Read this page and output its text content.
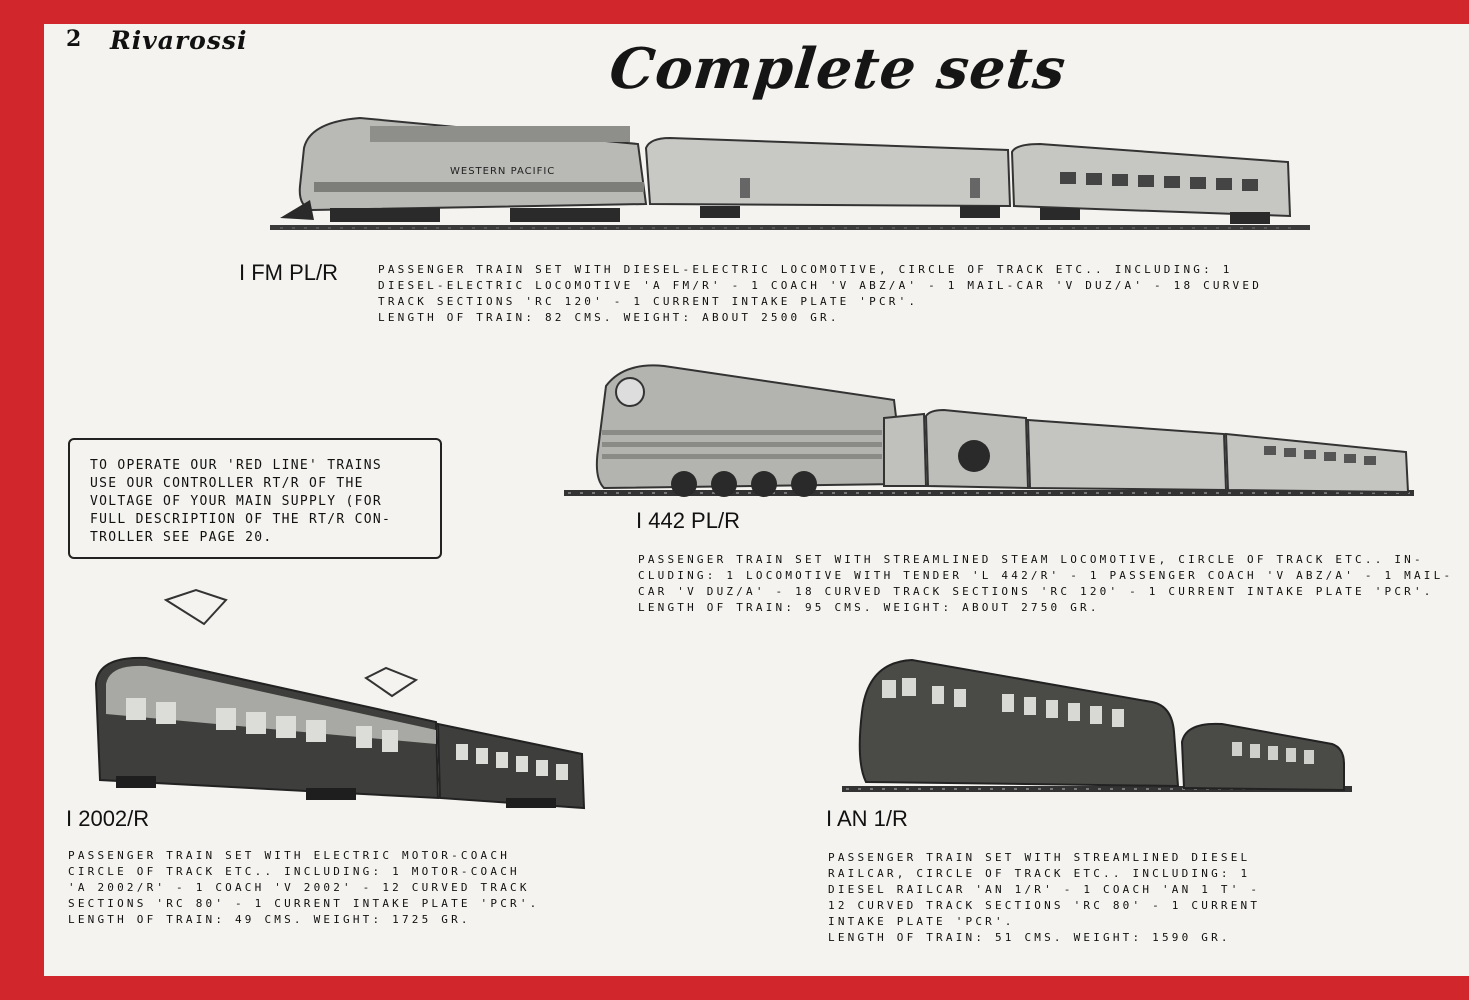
2 Rivarossi	Complete sets
WESTERN PACIFIC
I FM PL/R	PASSENGER TRAIN SET WITH DIESEL-ELECTRIC LOCOMOTIVE, CIRCLE OF TRACK ETC.. INCLUDING: 1
DIESEL-ELECTRIC LOCOMOTIVE 'A FM/R' - 1 COACH 'V ABZ/A' - 1 MAIL-CAR 'V DUZ/A' - 18 CURVED
TRACK SECTIONS 'RC 120' - 1 CURRENT INTAKE PLATE 'PCR'.
LENGTH OF TRAIN: 82 CMS. WEIGHT: ABOUT 2500 GR.
TO OPERATE OUR 'RED LINE' TRAINS
USE OUR CONTROLLER RT/R OF THE
VOLTAGE OF YOUR MAIN SUPPLY (FOR
FULL DESCRIPTION OF THE RT/R CON-
TROLLER SEE PAGE 20.
I 442 PL/R
PASSENGER TRAIN SET WITH STREAMLINED STEAM LOCOMOTIVE, CIRCLE OF TRACK ETC.. IN-
CLUDING: 1 LOCOMOTIVE WITH TENDER 'L 442/R' - 1 PASSENGER COACH 'V ABZ/A' - 1 MAIL-
CAR 'V DUZ/A' - 18 CURVED TRACK SECTIONS 'RC 120' - 1 CURRENT INTAKE PLATE 'PCR'.
LENGTH OF TRAIN: 95 CMS. WEIGHT: ABOUT 2750 GR.
I 2002/R
PASSENGER TRAIN SET WITH ELECTRIC MOTOR-COACH
CIRCLE OF TRACK ETC.. INCLUDING: 1 MOTOR-COACH
'A 2002/R' - 1 COACH 'V 2002' - 12 CURVED TRACK
SECTIONS 'RC 80' - 1 CURRENT INTAKE PLATE 'PCR'.
LENGTH OF TRAIN: 49 CMS. WEIGHT: 1725 GR.
I AN 1/R
PASSENGER TRAIN SET WITH STREAMLINED DIESEL
RAILCAR, CIRCLE OF TRACK ETC.. INCLUDING: 1
DIESEL RAILCAR 'AN 1/R' - 1 COACH 'AN 1 T' -
12 CURVED TRACK SECTIONS 'RC 80' - 1 CURRENT
INTAKE PLATE 'PCR'.
LENGTH OF TRAIN: 51 CMS. WEIGHT: 1590 GR.
